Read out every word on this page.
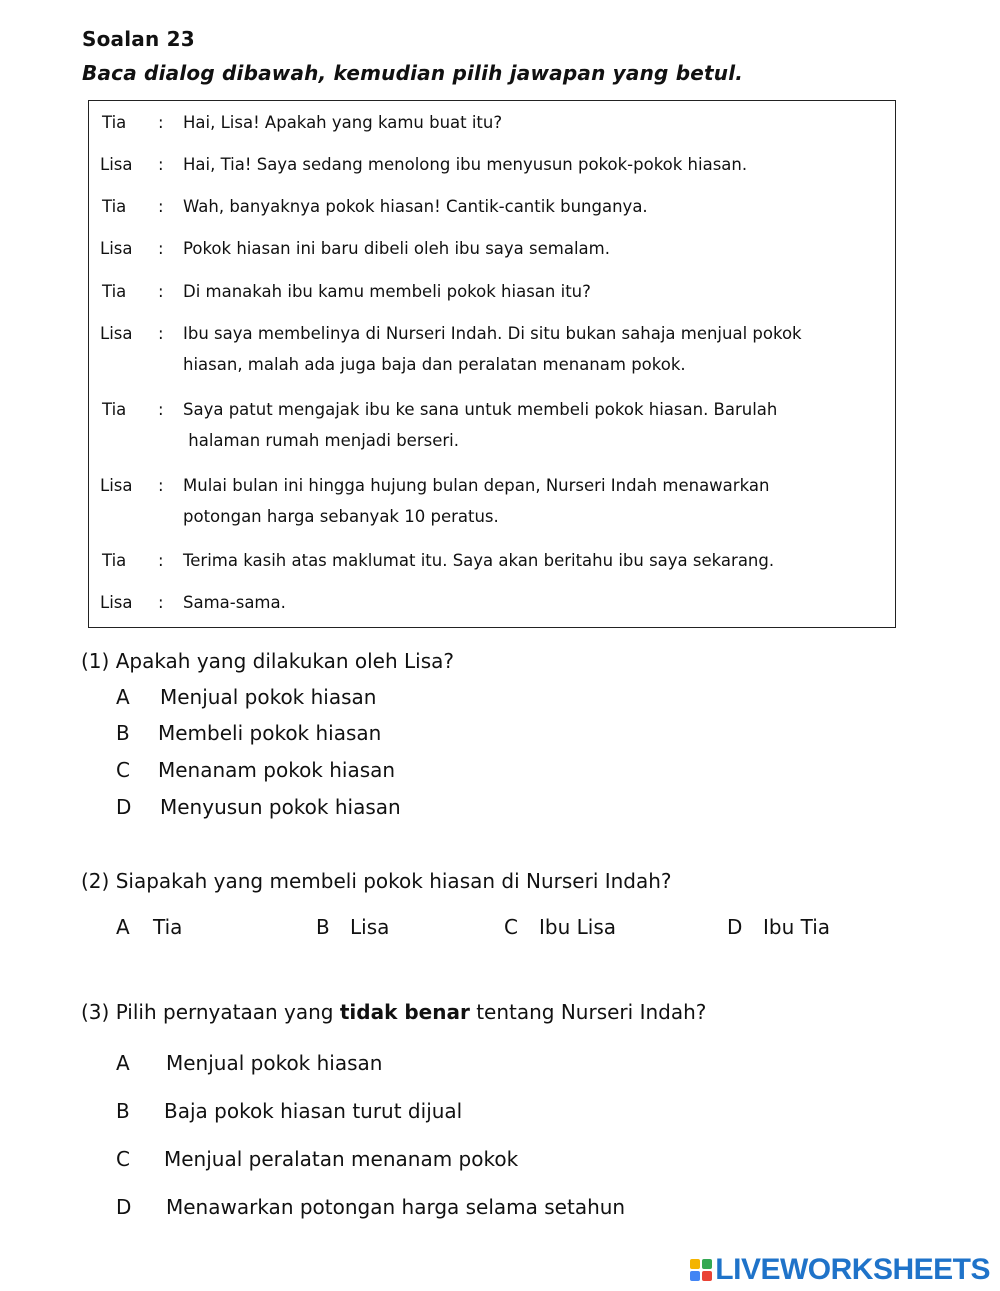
Soalan 23
Baca dialog dibawah, kemudian pilih jawapan yang betul.
Tia : Hai, Lisa! Apakah yang kamu buat itu?
Lisa : Hai, Tia! Saya sedang menolong ibu menyusun pokok-pokok hiasan.
Tia : Wah, banyaknya pokok hiasan! Cantik-cantik bunganya.
Lisa : Pokok hiasan ini baru dibeli oleh ibu saya semalam.
Tia : Di manakah ibu kamu membeli pokok hiasan itu?
Lisa : Ibu saya membelinya di Nurseri Indah. Di situ bukan sahaja menjual pokok
hiasan, malah ada juga baja dan peralatan menanam pokok.
Tia : Saya patut mengajak ibu ke sana untuk membeli pokok hiasan. Barulah
halaman rumah menjadi berseri.
Lisa : Mulai bulan ini hingga hujung bulan depan, Nurseri Indah menawarkan
potongan harga sebanyak 10 peratus.
Tia : Terima kasih atas maklumat itu. Saya akan beritahu ibu saya sekarang.
Lisa : Sama-sama.
(1) Apakah yang dilakukan oleh Lisa?
A Menjual pokok hiasan
B Membeli pokok hiasan
C Menanam pokok hiasan
D Menyusun pokok hiasan
(2) Siapakah yang membeli pokok hiasan di Nurseri Indah?
A Tia	B Lisa	C Ibu Lisa	D Ibu Tia
(3) Pilih pernyataan yang tidak benar tentang Nurseri Indah?
A Menjual pokok hiasan
B Baja pokok hiasan turut dijual
C Menjual peralatan menanam pokok
D Menawarkan potongan harga selama setahun
LIVEWORKSHEETS
